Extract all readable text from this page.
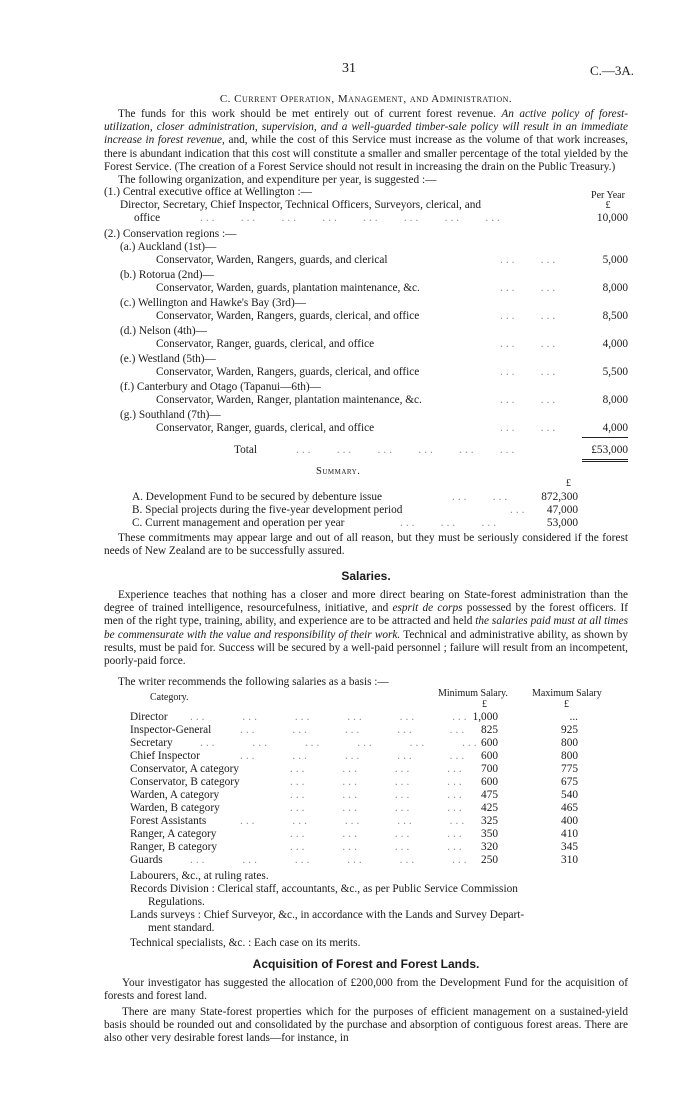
31	C.—3A.
C. Current Operation, Management, and Administration.
The funds for this work should be met entirely out of current forest revenue. An active policy of forest-utilization, closer administration, supervision, and a well-guarded timber-sale policy will result in an immediate increase in forest revenue, and, while the cost of this Service must increase as the volume of that work increases, there is abundant indication that this cost will constitute a smaller and smaller percentage of the total yielded by the Forest Service. (The creation of a Forest Service should not result in increasing the drain on the Public Treasury.)
The following organization, and expenditure per year, is suggested :—
Per Year
£
(1.) Central executive office at Wellington :—
Director, Secretary, Chief Inspector, Technical Officers, Surveyors, clerical, and
office	...    ...    ...    ...    ...    ...    ...    ...	10,000
(2.) Conservation regions :—
(a.) Auckland (1st)—
Conservator, Warden, Rangers, guards, and clerical	...    ...	5,000
(b.) Rotorua (2nd)—
Conservator, Warden, guards, plantation maintenance, &c.	...    ...	8,000
(c.) Wellington and Hawke's Bay (3rd)—
Conservator, Warden, Rangers, guards, clerical, and office	...    ...	8,500
(d.) Nelson (4th)—
Conservator, Ranger, guards, clerical, and office	...    ...	4,000
(e.) Westland (5th)—
Conservator, Warden, Rangers, guards, clerical, and office	...    ...	5,500
(f.) Canterbury and Otago (Tapanui—6th)—
Conservator, Warden, Ranger, plantation maintenance, &c.	...    ...	8,000
(g.) Southland (7th)—
Conservator, Ranger, guards, clerical, and office	...    ...	4,000
Total	...    ...    ...    ...    ...    ...	£53,000
Summary.
£
A. Development Fund to be secured by debenture issue	...    ...	872,300
B. Special projects during the five-year development period	...	47,000
C. Current management and operation per year	...    ...    ...	53,000
These commitments may appear large and out of all reason, but they must be seriously considered if the forest needs of New Zealand are to be successfully assured.
Salaries.
Experience teaches that nothing has a closer and more direct bearing on State-forest administration than the degree of trained intelligence, resourcefulness, initiative, and esprit de corps possessed by the forest officers. If men of the right type, training, ability, and experience are to be attracted and held the salaries paid must at all times be commensurate with the value and responsibility of their work. Technical and administrative ability, as shown by results, must be paid for. Success will be secured by a well-paid personnel ; failure will result from an incompetent, poorly-paid force.
The writer recommends the following salaries as a basis :—
Category.	Minimum Salary. Maximum Salary
£	£
Director ...      ...      ...      ...      ...      ... 1,000	...
Inspector-General	...      ...      ...      ...      ...	825	925
Secretary ...      ...      ...      ...      ...      ... 600	800
Chief Inspector	...      ...      ...      ...      ...	600	800
Conservator, A category	...      ...      ...      ...	700	775
Conservator, B category	...      ...      ...      ...	600	675
Warden, A category	...      ...      ...      ...	475	540
Warden, B category	...      ...      ...      ...	425	465
Forest Assistants	...      ...      ...      ...      ...	325	400
Ranger, A category	...      ...      ...      ...	350	410
Ranger, B category	...      ...      ...      ...	320	345
Guards ...      ...      ...      ...      ...      ...	250	310
Labourers, &c., at ruling rates.
Records Division : Clerical staff, accountants, &c., as per Public Service Commission
Regulations.
Lands surveys : Chief Surveyor, &c., in accordance with the Lands and Survey Depart-
ment standard.
Technical specialists, &c. : Each case on its merits.
Acquisition of Forest and Forest Lands.
Your investigator has suggested the allocation of £200,000 from the Development Fund for the acquisition of forests and forest land.
There are many State-forest properties which for the purposes of efficient management on a sustained-yield basis should be rounded out and consolidated by the purchase and absorption of contiguous forest areas. There are also other very desirable forest lands—for instance, in
